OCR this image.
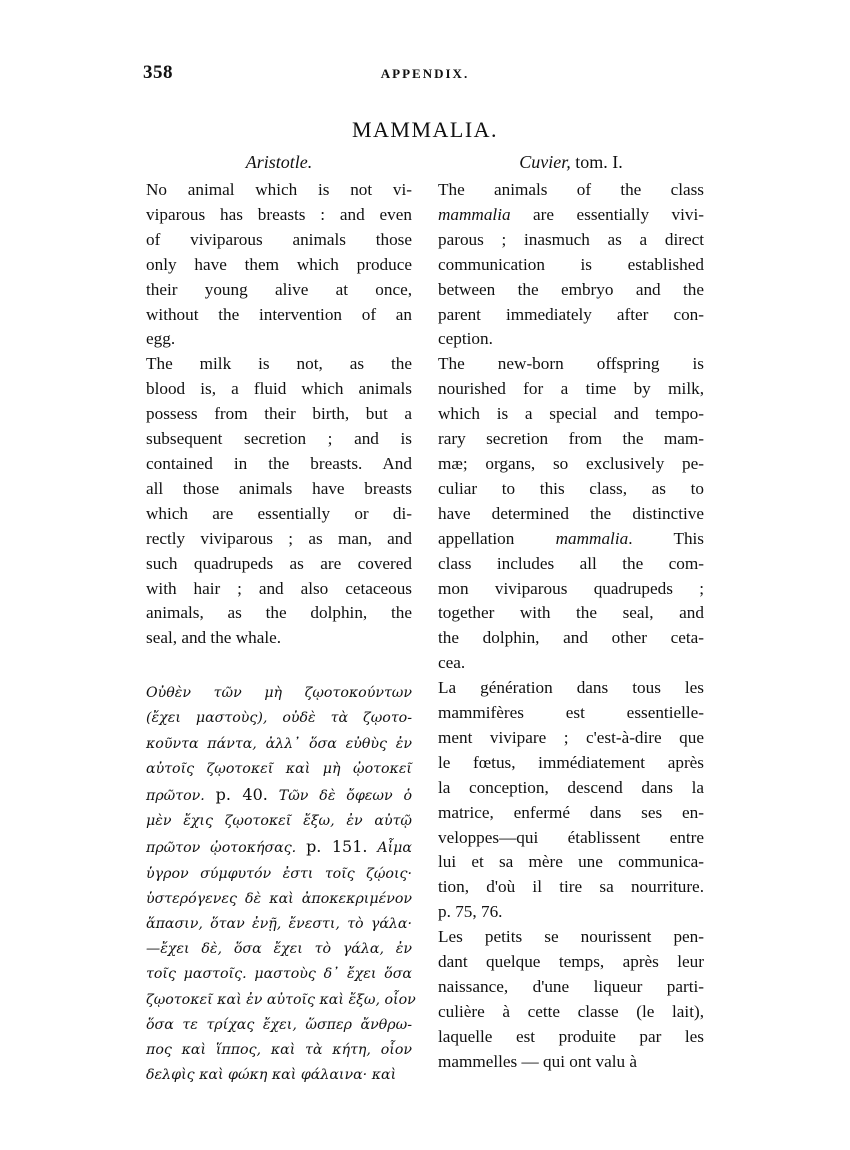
358	APPENDIX.
MAMMALIA.
Aristotle.
No animal which is not vi-
viparous has breasts : and even
of viviparous animals those
only have them which produce
their young alive at once,
without the intervention of an
egg.
The milk is not, as the
blood is, a fluid which animals
possess from their birth, but a
subsequent secretion ; and is
contained in the breasts. And
all those animals have breasts
which are essentially or di-
rectly viviparous ; as man, and
such quadrupeds as are covered
with hair ; and also cetaceous
animals, as the dolphin, the
seal, and the whale.
Οὐθὲν τῶν μὴ ζῳοτοκούντων
(ἔχει μαστοὺς), οὐδὲ τὰ ζῳοτο-
κοῦντα πάντα, ἀλλ᾽ ὅσα εὐθὺς ἐν
αὐτοῖς ζῳοτοκεῖ καὶ μὴ ᾠοτοκεῖ
πρῶτον. p. 40. Τῶν δὲ ὄφεων ὁ
μὲν ἔχις ζῳοτοκεῖ ἔξω, ἐν αὐτῷ
πρῶτον ᾠοτοκήσας. p. 151. Αἷμα
ὑγρον σύμφυτόν ἐστι τοῖς ζῴοις·
ὑστερόγενες δὲ καὶ ἀποκεκριμένον
ἅπασιν, ὅταν ἐνῇ, ἔνεστι, τὸ γάλα·
—ἔχει δὲ, ὅσα ἔχει τὸ γάλα, ἐν
τοῖς μαστοῖς. μαστοὺς δ᾽ ἔχει ὅσα
ζῳοτοκεῖ καὶ ἐν αὐτοῖς καὶ ἔξω, οἷον
ὅσα τε τρίχας ἔχει, ὥσπερ ἄνθρω-
πος καὶ ἵππος, καὶ τὰ κήτη, οἷον
δελφὶς καὶ φώκη καὶ φάλαινα· καὶ
Cuvier, tom. I.
The animals of the class
mammalia are essentially vivi-
parous ; inasmuch as a direct
communication is established
between the embryo and the
parent immediately after con-
ception.
The new-born offspring is
nourished for a time by milk,
which is a special and tempo-
rary secretion from the mam-
mæ; organs, so exclusively pe-
culiar to this class, as to
have determined the distinctive
appellation mammalia. This
class includes all the com-
mon viviparous quadrupeds ;
together with the seal, and
the dolphin, and other ceta-
cea.
La génération dans tous les
mammifères est essentielle-
ment vivipare ; c'est-à-dire que
le fœtus, immédiatement après
la conception, descend dans la
matrice, enfermé dans ses en-
veloppes—qui établissent entre
lui et sa mère une communica-
tion, d'où il tire sa nourriture.
p. 75, 76.
Les petits se nourissent pen-
dant quelque temps, après leur
naissance, d'une liqueur parti-
culière à cette classe (le lait),
laquelle est produite par les
mammelles — qui ont valu à
